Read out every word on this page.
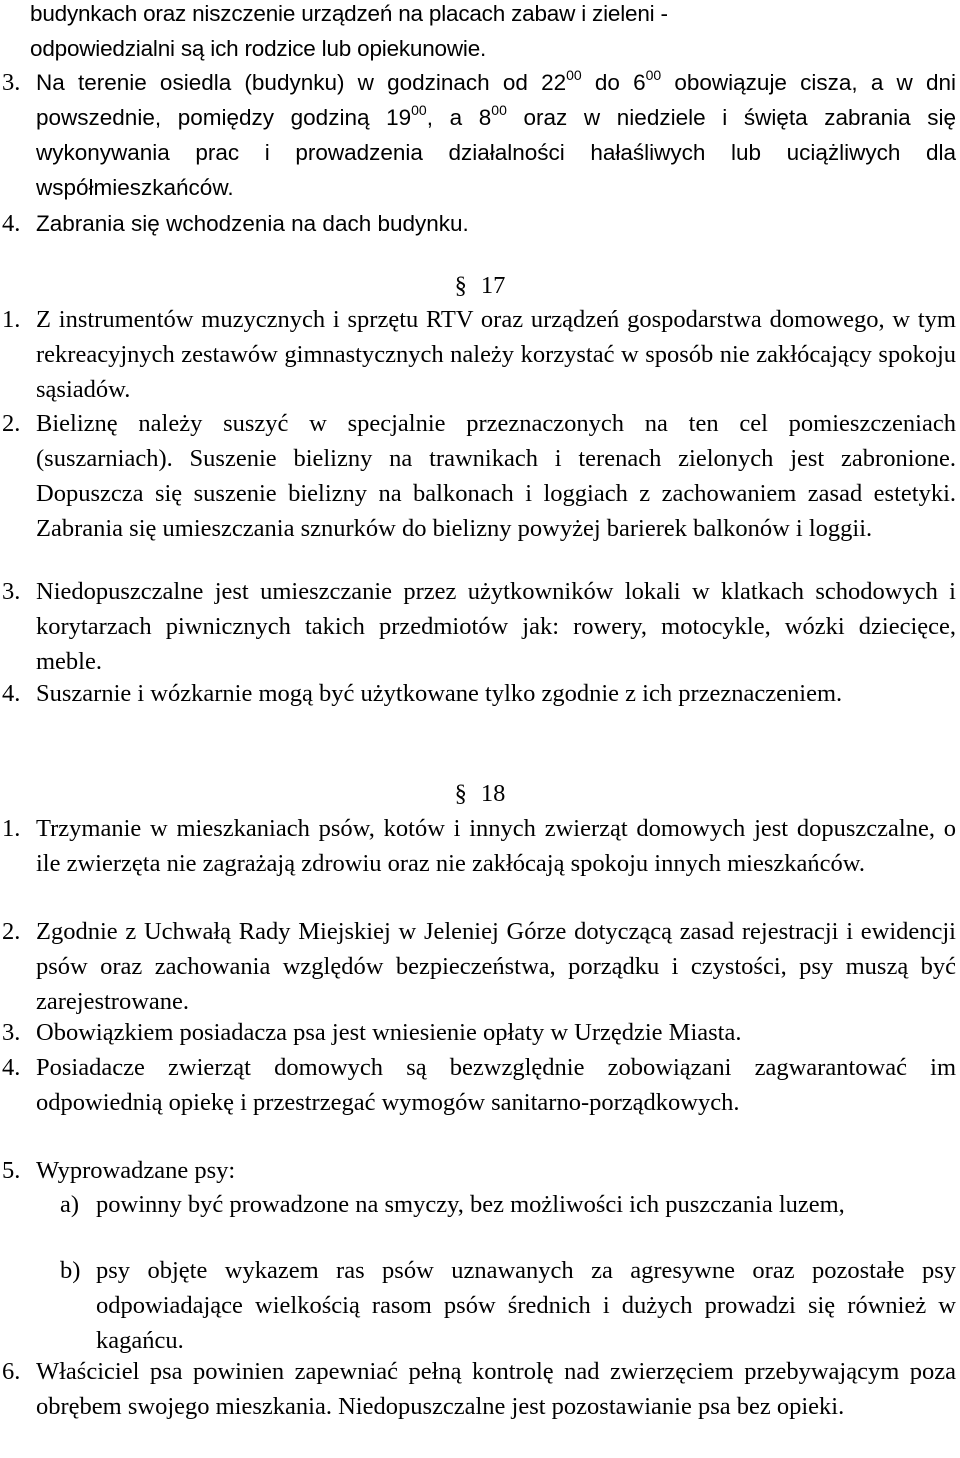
budynkach oraz niszczenie urządzeń na placach zabaw i zieleni -
odpowiedzialni są ich rodzice lub opiekunowie.

3. Na terenie osiedla (budynku) w godzinach od $22^{00}$ do $6^{00}$ obowiązuje cisza, a w dni powszednie, pomiędzy godziną $19^{00}$, a $8^{00}$ oraz w niedziele i święta zabrania się wykonywania prac i prowadzenia działalności hałaśliwych lub uciążliwych dla współmieszkańców.
4. Zabrania się wchodzenia na dach budynku.

§ 17

1. Z instrumentów muzycznych i sprzętu RTV oraz urządzeń gospodarstwa domowego, w tym rekreacyjnych zestawów gimnastycznych należy korzystać w sposób nie zakłócający spokoju sąsiadów.
2. Bieliznę należy suszyć w specjalnie przeznaczonych na ten cel pomieszczeniach (suszarniach). Suszenie bielizny na trawnikach i terenach zielonych jest zabronione. Dopuszcza się suszenie bielizny na balkonach i loggiach z zachowaniem zasad estetyki. Zabrania się umieszczania sznurków do bielizny powyżej barierek balkonów i loggii.
3. Niedopuszczalne jest umieszczanie przez użytkowników lokali w klatkach schodowych i korytarzach piwnicznych takich przedmiotów jak: rowery, motocykle, wózki dziecięce, meble.
4. Suszarnie i wózkarnie mogą być użytkowane tylko zgodnie z ich przeznaczeniem.

§ 18

1. Trzymanie w mieszkaniach psów, kotów i innych zwierząt domowych jest dopuszczalne, o ile zwierzęta nie zagrażają zdrowiu oraz nie zakłócają spokoju innych mieszkańców.
2. Zgodnie z Uchwałą Rady Miejskiej w Jeleniej Górze dotyczącą zasad rejestracji i ewidencji psów oraz zachowania względów bezpieczeństwa, porządku i czystości, psy muszą być zarejestrowane.
3. Obowiązkiem posiadacza psa jest wniesienie opłaty w Urzędzie Miasta.
4. Posiadacze zwierząt domowych są bezwzględnie zobowiązani zagwarantować im odpowiednią opiekę i przestrzegać wymogów sanitarno-porządkowych.
5. Wyprowadzane psy:
a) powinny być prowadzone na smyczy, bez możliwości ich puszczania luzem,
b) psy objęte wykazem ras psów uznawanych za agresywne oraz pozostałe psy odpowiadające wielkością rasom psów średnich i dużych prowadzi się również w kagańcu.
6. Właściciel psa powinien zapewniać pełną kontrolę nad zwierzęciem przebywającym poza obrębem swojego mieszkania. Niedopuszczalne jest pozostawianie psa bez opieki.
